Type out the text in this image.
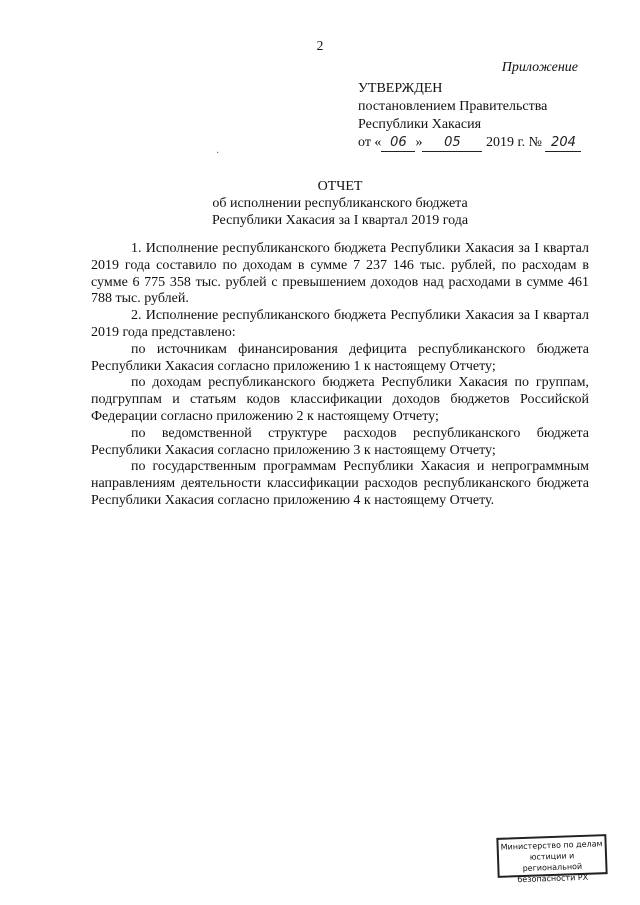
2
Приложение
УТВЕРЖДЕН
постановлением Правительства
Республики Хакасия
от « 06 » 05 2019 г. № 204
·
ОТЧЕТ
об исполнении республиканского бюджета
Республики Хакасия за I квартал 2019 года

1. Исполнение республиканского бюджета Республики Хакасия за I квартал 2019 года составило по доходам в сумме 7 237 146 тыс. рублей, по расходам в сумме 6 775 358 тыс. рублей с превышением доходов над расходами в сумме 461 788 тыс. рублей.

2. Исполнение республиканского бюджета Республики Хакасия за I квартал 2019 года представлено:

по источникам финансирования дефицита республиканского бюджета Республики Хакасия согласно приложению 1 к настоящему Отчету;

по доходам республиканского бюджета Республики Хакасия по группам, подгруппам и статьям кодов классификации доходов бюджетов Российской Федерации согласно приложению 2 к настоящему Отчету;

по ведомственной структуре расходов республиканского бюджета Республики Хакасия согласно приложению 3 к настоящему Отчету;

по государственным программам Республики Хакасия и непрограммным направлениям деятельности классификации расходов республиканского бюджета Республики Хакасия согласно приложению 4 к настоящему Отчету.

Министерство по делам
юстиции и региональной
безопасности РХ
